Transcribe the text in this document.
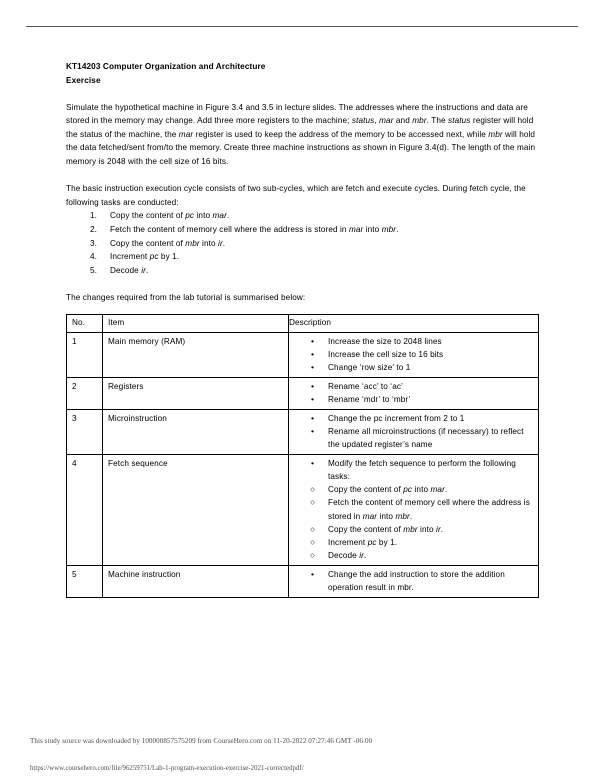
KT14203 Computer Organization and Architecture
Exercise

Simulate the hypothetical machine in Figure 3.4 and 3.5 in lecture slides. The addresses where the instructions and data are stored in the memory may change. Add three more registers to the machine; status, mar and mbr. The status register will hold the status of the machine, the mar register is used to keep the address of the memory to be accessed next, while mbr will hold the data fetched/sent from/to the memory. Create three machine instructions as shown in Figure 3.4(d). The length of the main memory is 2048 with the cell size of 16 bits.

The basic instruction execution cycle consists of two sub-cycles, which are fetch and execute cycles. During fetch cycle, the following tasks are conducted:

1.	Copy the content of pc into mar.
2.	Fetch the content of memory cell where the address is stored in mar into mbr.
3.	Copy the content of mbr into ir.
4.	Increment pc by 1.
5.	Decode ir.

The changes required from the lab tutorial is summarised below:

No.	Item	Description
1	Main memory (RAM)	•	Increase the size to 2048 lines
•	Increase the cell size to 16 bits
•	Change ‘row size’ to 1

2	Registers	•	Rename ‘acc’ to ‘ac’
•	Rename ‘mdr’ to ‘mbr’

3	Microinstruction	•	Change the pc increment from 2 to 1
•	Rename all microinstructions (if necessary) to reflect the updated register’s name

4	Fetch sequence	•	Modify the fetch sequence to perform the following tasks:
○	Copy the content of pc into mar.
○	Fetch the content of memory cell where the address is stored in mar into mbr.
○	Copy the content of mbr into ir.
○	Increment pc by 1.
○	Decode ir.

5	Machine instruction	•	Change the add instruction to store the addition operation result in mbr.
This study source was downloaded by 100000857575209 from CourseHero.com on 11-20-2022 07:27:46 GMT -06:00
https://www.coursehero.com/file/96259751/Lab-1-program-execution-exercise-2021-correctedpdf/
